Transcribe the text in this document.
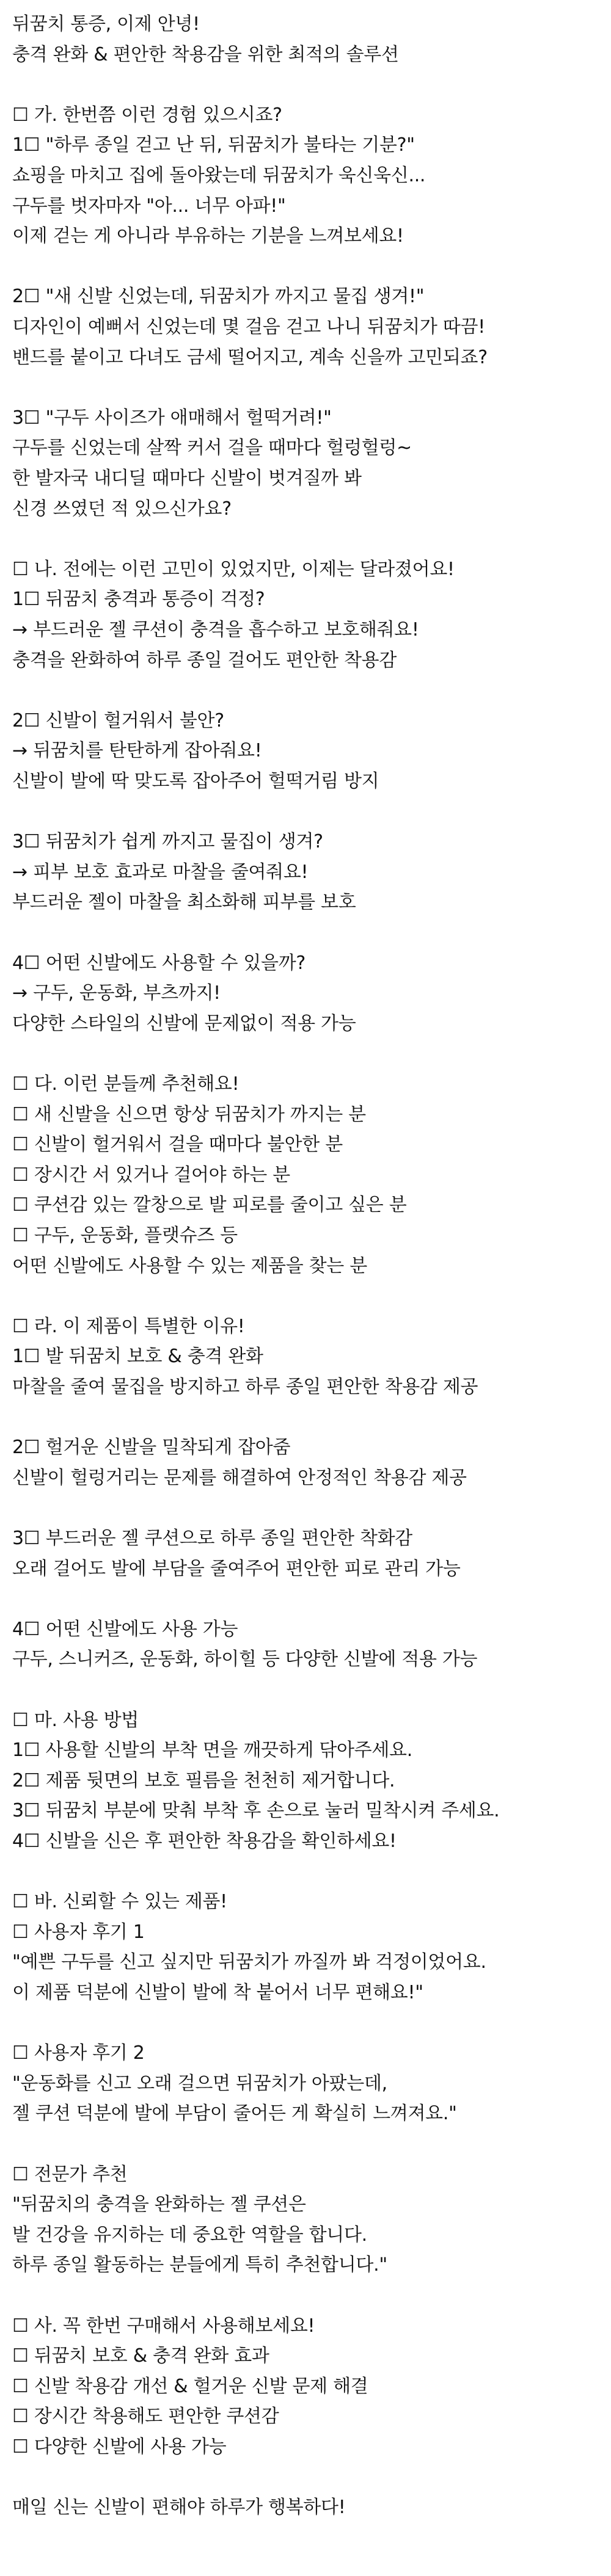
뒤꿈치 통증, 이제 안녕!
충격 완화 & 편안한 착용감을 위한 최적의 솔루션
☐ 가. 한번쯤 이런 경험 있으시죠?
1☐ "하루 종일 걷고 난 뒤, 뒤꿈치가 불타는 기분?"
쇼핑을 마치고 집에 돌아왔는데 뒤꿈치가 욱신욱신...
구두를 벗자마자 "아... 너무 아파!"
이제 걷는 게 아니라 부유하는 기분을 느껴보세요!
2☐ "새 신발 신었는데, 뒤꿈치가 까지고 물집 생겨!"
디자인이 예뻐서 신었는데 몇 걸음 걷고 나니 뒤꿈치가 따끔!
밴드를 붙이고 다녀도 금세 떨어지고, 계속 신을까 고민되죠?
3☐ "구두 사이즈가 애매해서 헐떡거려!"
구두를 신었는데 살짝 커서 걸을 때마다 헐렁헐렁~
한 발자국 내디딜 때마다 신발이 벗겨질까 봐
신경 쓰였던 적 있으신가요?
☐ 나. 전에는 이런 고민이 있었지만, 이제는 달라졌어요!
1☐ 뒤꿈치 충격과 통증이 걱정?
→ 부드러운 젤 쿠션이 충격을 흡수하고 보호해줘요!
충격을 완화하여 하루 종일 걸어도 편안한 착용감
2☐ 신발이 헐거워서 불안?
→ 뒤꿈치를 탄탄하게 잡아줘요!
신발이 발에 딱 맞도록 잡아주어 헐떡거림 방지
3☐ 뒤꿈치가 쉽게 까지고 물집이 생겨?
→ 피부 보호 효과로 마찰을 줄여줘요!
부드러운 젤이 마찰을 최소화해 피부를 보호
4☐ 어떤 신발에도 사용할 수 있을까?
→ 구두, 운동화, 부츠까지!
다양한 스타일의 신발에 문제없이 적용 가능
☐ 다. 이런 분들께 추천해요!
☐ 새 신발을 신으면 항상 뒤꿈치가 까지는 분
☐ 신발이 헐거워서 걸을 때마다 불안한 분
☐ 장시간 서 있거나 걸어야 하는 분
☐ 쿠션감 있는 깔창으로 발 피로를 줄이고 싶은 분
☐ 구두, 운동화, 플랫슈즈 등
어떤 신발에도 사용할 수 있는 제품을 찾는 분
☐ 라. 이 제품이 특별한 이유!
1☐ 발 뒤꿈치 보호 & 충격 완화
마찰을 줄여 물집을 방지하고 하루 종일 편안한 착용감 제공
2☐ 헐거운 신발을 밀착되게 잡아줌
신발이 헐렁거리는 문제를 해결하여 안정적인 착용감 제공
3☐ 부드러운 젤 쿠션으로 하루 종일 편안한 착화감
오래 걸어도 발에 부담을 줄여주어 편안한 피로 관리 가능
4☐ 어떤 신발에도 사용 가능
구두, 스니커즈, 운동화, 하이힐 등 다양한 신발에 적용 가능
☐ 마. 사용 방법
1☐ 사용할 신발의 부착 면을 깨끗하게 닦아주세요.
2☐ 제품 뒷면의 보호 필름을 천천히 제거합니다.
3☐ 뒤꿈치 부분에 맞춰 부착 후 손으로 눌러 밀착시켜 주세요.
4☐ 신발을 신은 후 편안한 착용감을 확인하세요!
☐ 바. 신뢰할 수 있는 제품!
☐ 사용자 후기 1
"예쁜 구두를 신고 싶지만 뒤꿈치가 까질까 봐 걱정이었어요.
이 제품 덕분에 신발이 발에 착 붙어서 너무 편해요!"
☐ 사용자 후기 2
"운동화를 신고 오래 걸으면 뒤꿈치가 아팠는데,
젤 쿠션 덕분에 발에 부담이 줄어든 게 확실히 느껴져요."
☐ 전문가 추천
"뒤꿈치의 충격을 완화하는 젤 쿠션은
발 건강을 유지하는 데 중요한 역할을 합니다.
하루 종일 활동하는 분들에게 특히 추천합니다."
☐ 사. 꼭 한번 구매해서 사용해보세요!
☐ 뒤꿈치 보호 & 충격 완화 효과
☐ 신발 착용감 개선 & 헐거운 신발 문제 해결
☐ 장시간 착용해도 편안한 쿠션감
☐ 다양한 신발에 사용 가능
매일 신는 신발이 편해야 하루가 행복하다!
